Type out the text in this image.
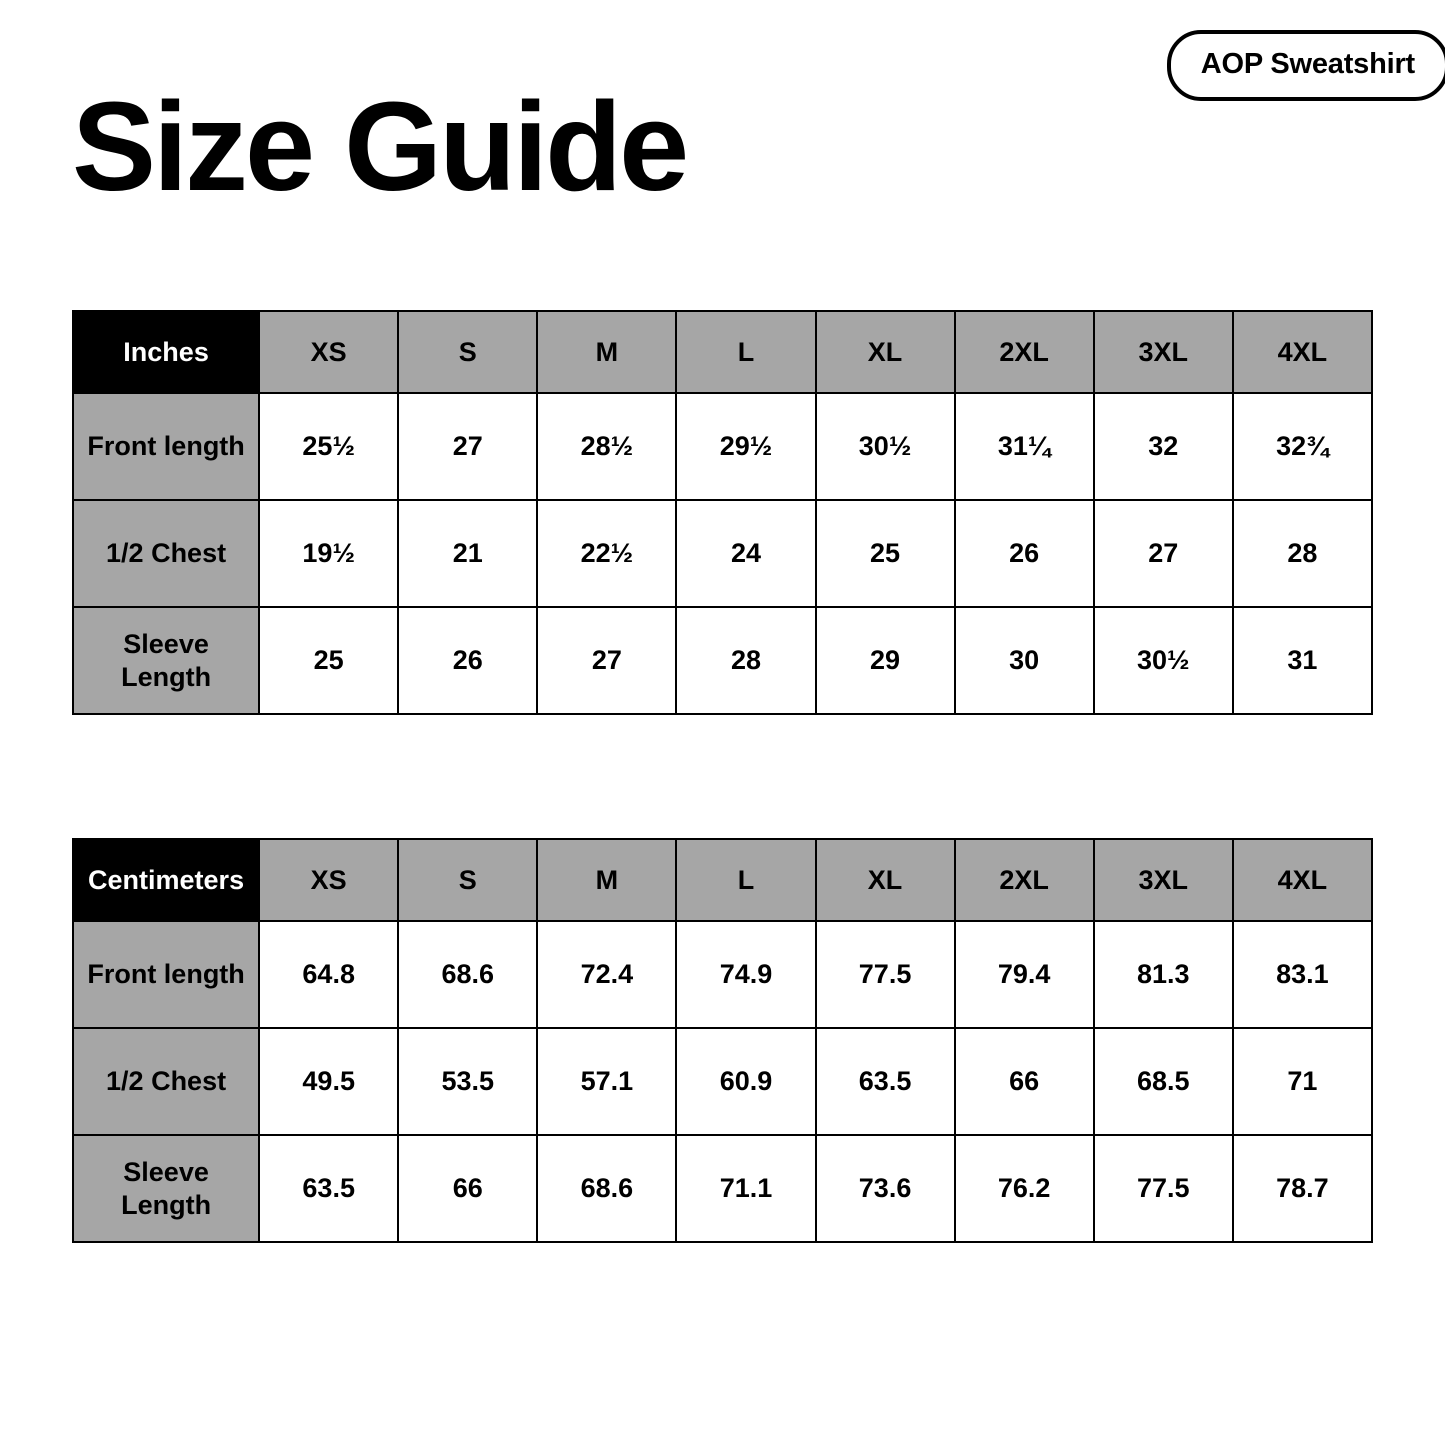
AOP Sweatshirt
Size Guide
Inches	XS	S	M	L	XL	2XL	3XL	4XL
Front length	25½	27	28½	29½	30½	31¼	32	32¾
1/2 Chest	19½	21	22½	24	25	26	27	28
Sleeve Length	25	26	27	28	29	30	30½	31
Centimeters	XS	S	M	L	XL	2XL	3XL	4XL
Front length	64.8	68.6	72.4	74.9	77.5	79.4	81.3	83.1
1/2 Chest	49.5	53.5	57.1	60.9	63.5	66	68.5	71
Sleeve Length	63.5	66	68.6	71.1	73.6	76.2	77.5	78.7
